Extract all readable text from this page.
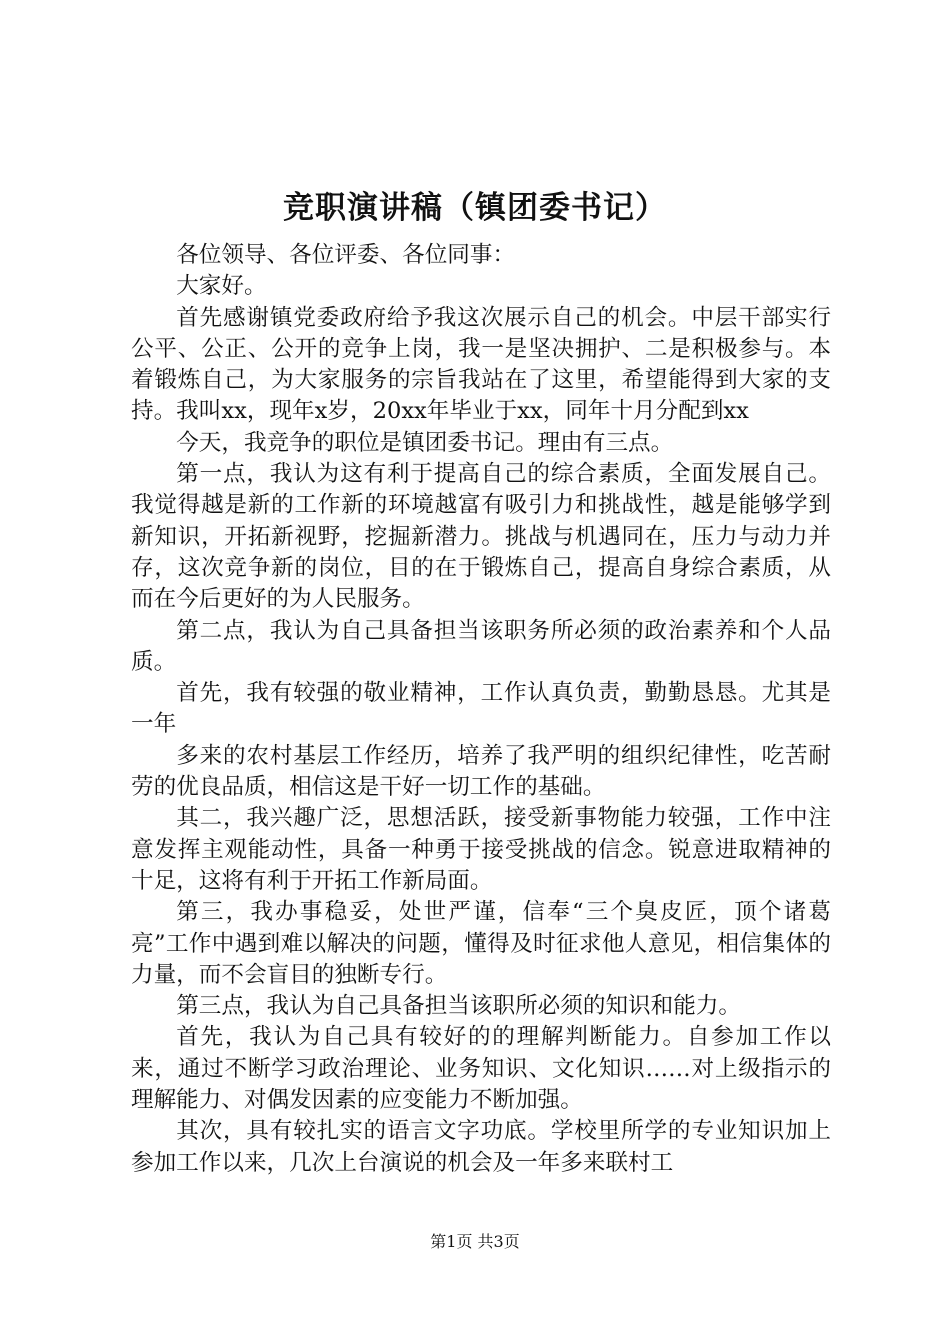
竞职演讲稿（镇团委书记）

各位领导、各位评委、各位同事：

大家好。

首先感谢镇党委政府给予我这次展示自己的机会。中层干部实行公平、公正、公开的竞争上岗，我一是坚决拥护、二是积极参与。本着锻炼自己，为大家服务的宗旨我站在了这里，希望能得到大家的支持。我叫xx，现年x岁，20xx年毕业于xx，同年十月分配到xx

今天，我竞争的职位是镇团委书记。理由有三点。

第一点，我认为这有利于提高自己的综合素质，全面发展自己。我觉得越是新的工作新的环境越富有吸引力和挑战性，越是能够学到新知识，开拓新视野，挖掘新潜力。挑战与机遇同在，压力与动力并存，这次竞争新的岗位，目的在于锻炼自己，提高自身综合素质，从而在今后更好的为人民服务。

第二点，我认为自己具备担当该职务所必须的政治素养和个人品质。

首先，我有较强的敬业精神，工作认真负责，勤勤恳恳。尤其是一年

多来的农村基层工作经历，培养了我严明的组织纪律性，吃苦耐劳的优良品质，相信这是干好一切工作的基础。

其二，我兴趣广泛，思想活跃，接受新事物能力较强，工作中注意发挥主观能动性，具备一种勇于接受挑战的信念。锐意进取精神的十足，这将有利于开拓工作新局面。

第三，我办事稳妥，处世严谨，信奉“三个臭皮匠，顶个诸葛亮”工作中遇到难以解决的问题，懂得及时征求他人意见，相信集体的力量，而不会盲目的独断专行。

第三点，我认为自己具备担当该职所必须的知识和能力。

首先，我认为自己具有较好的的理解判断能力。自参加工作以来，通过不断学习政治理论、业务知识、文化知识……对上级指示的理解能力、对偶发因素的应变能力不断加强。

其次，具有较扎实的语言文字功底。学校里所学的专业知识加上参加工作以来，几次上台演说的机会及一年多来联村工

第1页 共3页
